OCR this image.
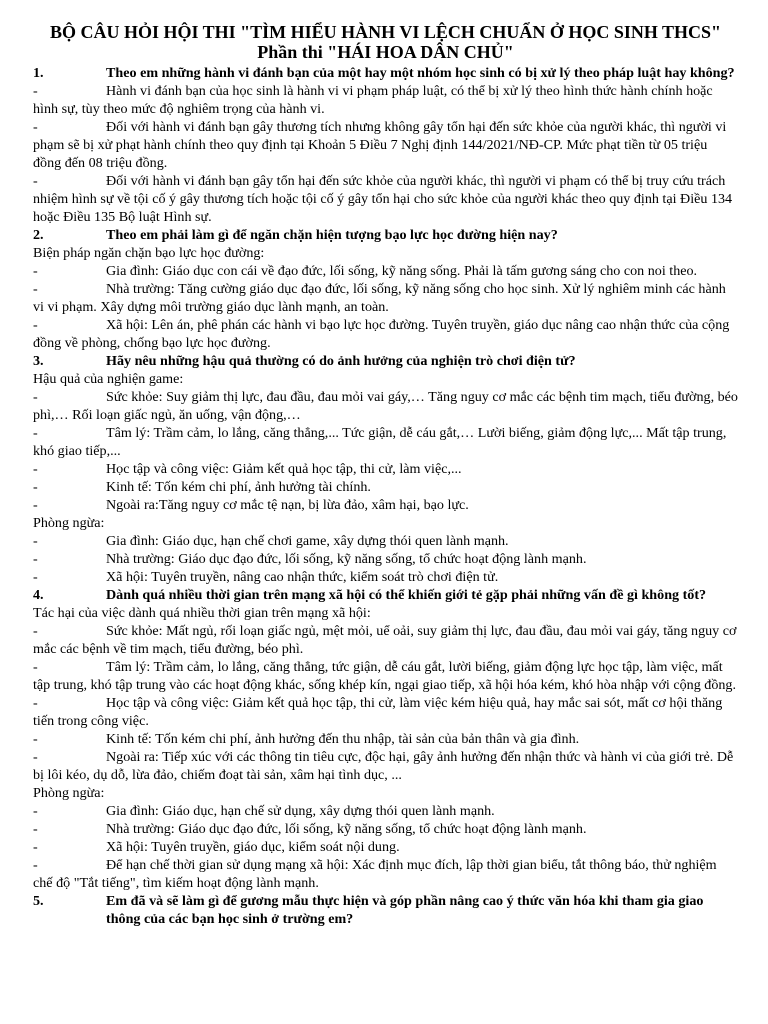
BỘ CÂU HỎI HỘI THI "TÌM HIỂU HÀNH VI LỆCH CHUẨN Ở HỌC SINH THCS"

Phần thi "HÁI HOA DÂN CHỦ"

1.	Theo em những hành vi đánh bạn của một hay một nhóm học sinh có bị xử lý theo pháp luật hay không?

-	Hành vi đánh bạn của học sinh là hành vi vi phạm pháp luật, có thể bị xử lý theo hình thức hành chính hoặc hình sự, tùy theo mức độ nghiêm trọng của hành vi.

-	Đối với hành vi đánh bạn gây thương tích nhưng không gây tổn hại đến sức khỏe của người khác, thì người vi phạm sẽ bị xử phạt hành chính theo quy định tại Khoản 5 Điều 7 Nghị định 144/2021/NĐ-CP. Mức phạt tiền từ 05 triệu đồng đến 08 triệu đồng.

-	Đối với hành vi đánh bạn gây tổn hại đến sức khỏe của người khác, thì người vi phạm có thể bị truy cứu trách nhiệm hình sự về tội cố ý gây thương tích hoặc tội cố ý gây tổn hại cho sức khỏe của người khác theo quy định tại Điều 134 hoặc Điều 135 Bộ luật Hình sự.

2.	Theo em phải làm gì để ngăn chặn hiện tượng bạo lực học đường hiện nay?

Biện pháp ngăn chặn bạo lực học đường:

-	Gia đình: Giáo dục con cái về đạo đức, lối sống, kỹ năng sống. Phải là tấm gương sáng cho con noi theo.

-	Nhà trường: Tăng cường giáo dục đạo đức, lối sống, kỹ năng sống cho học sinh. Xử lý nghiêm minh các hành vi vi phạm. Xây dựng môi trường giáo dục lành mạnh, an toàn.

-	Xã hội: Lên án, phê phán các hành vi bạo lực học đường. Tuyên truyền, giáo dục nâng cao nhận thức của cộng đồng về phòng, chống bạo lực học đường.

3.	Hãy nêu những hậu quả thường có do ảnh hưởng của nghiện trò chơi điện tử?

Hậu quả của nghiện game:

-	Sức khỏe: Suy giảm thị lực, đau đầu, đau mỏi vai gáy,… Tăng nguy cơ mắc các bệnh tim mạch, tiểu đường, béo phì,… Rối loạn giấc ngủ, ăn uống, vận động,…

-	Tâm lý: Trầm cảm, lo lắng, căng thẳng,... Tức giận, dễ cáu gắt,… Lười biếng, giảm động lực,... Mất tập trung, khó giao tiếp,...

-	Học tập và công việc: Giảm kết quả học tập, thi cử, làm việc,...

-	Kinh tế: Tốn kém chi phí, ảnh hưởng tài chính.

-	Ngoài ra:Tăng nguy cơ mắc tệ nạn, bị lừa đảo, xâm hại, bạo lực.

Phòng ngừa:

-	Gia đình: Giáo dục, hạn chế chơi game, xây dựng thói quen lành mạnh.

-	Nhà trường: Giáo dục đạo đức, lối sống, kỹ năng sống, tổ chức hoạt động lành mạnh.

-	Xã hội: Tuyên truyền, nâng cao nhận thức, kiểm soát trò chơi điện tử.

4.	Dành quá nhiều thời gian trên mạng xã hội có thể khiến giới tẻ gặp phải những vấn đề gì không tốt?

Tác hại của việc dành quá nhiều thời gian trên mạng xã hội:

-	Sức khỏe: Mất ngủ, rối loạn giấc ngủ, mệt mỏi, uể oải, suy giảm thị lực, đau đầu, đau mỏi vai gáy, tăng nguy cơ mắc các bệnh về tim mạch, tiểu đường, béo phì.

-	Tâm lý: Trầm cảm, lo lắng, căng thẳng, tức giận, dễ cáu gắt, lười biếng, giảm động lực học tập, làm việc, mất tập trung, khó tập trung vào các hoạt động khác, sống khép kín, ngại giao tiếp, xã hội hóa kém, khó hòa nhập với cộng đồng.

-	Học tập và công việc: Giảm kết quả học tập, thi cử, làm việc kém hiệu quả, hay mắc sai sót, mất cơ hội thăng tiến trong công việc.

-	Kinh tế: Tốn kém chi phí, ảnh hưởng đến thu nhập, tài sản của bản thân và gia đình.

-	Ngoài ra: Tiếp xúc với các thông tin tiêu cực, độc hại, gây ảnh hưởng đến nhận thức và hành vi của giới trẻ. Dễ bị lôi kéo, dụ dỗ, lừa đảo, chiếm đoạt tài sản, xâm hại tình dục, ...

Phòng ngừa:

-	Gia đình: Giáo dục, hạn chế sử dụng, xây dựng thói quen lành mạnh.

-	Nhà trường: Giáo dục đạo đức, lối sống, kỹ năng sống, tổ chức hoạt động lành mạnh.

-	Xã hội: Tuyên truyền, giáo dục, kiểm soát nội dung.

-	Để hạn chế thời gian sử dụng mạng xã hội: Xác định mục đích, lập thời gian biểu, tắt thông báo, thử nghiệm chế độ "Tắt tiếng", tìm kiếm hoạt động lành mạnh.

5.	Em đã và sẽ làm gì để gương mẫu thực hiện và góp phần nâng cao ý thức văn hóa khi tham gia giao thông của các bạn học sinh ở trường em?
